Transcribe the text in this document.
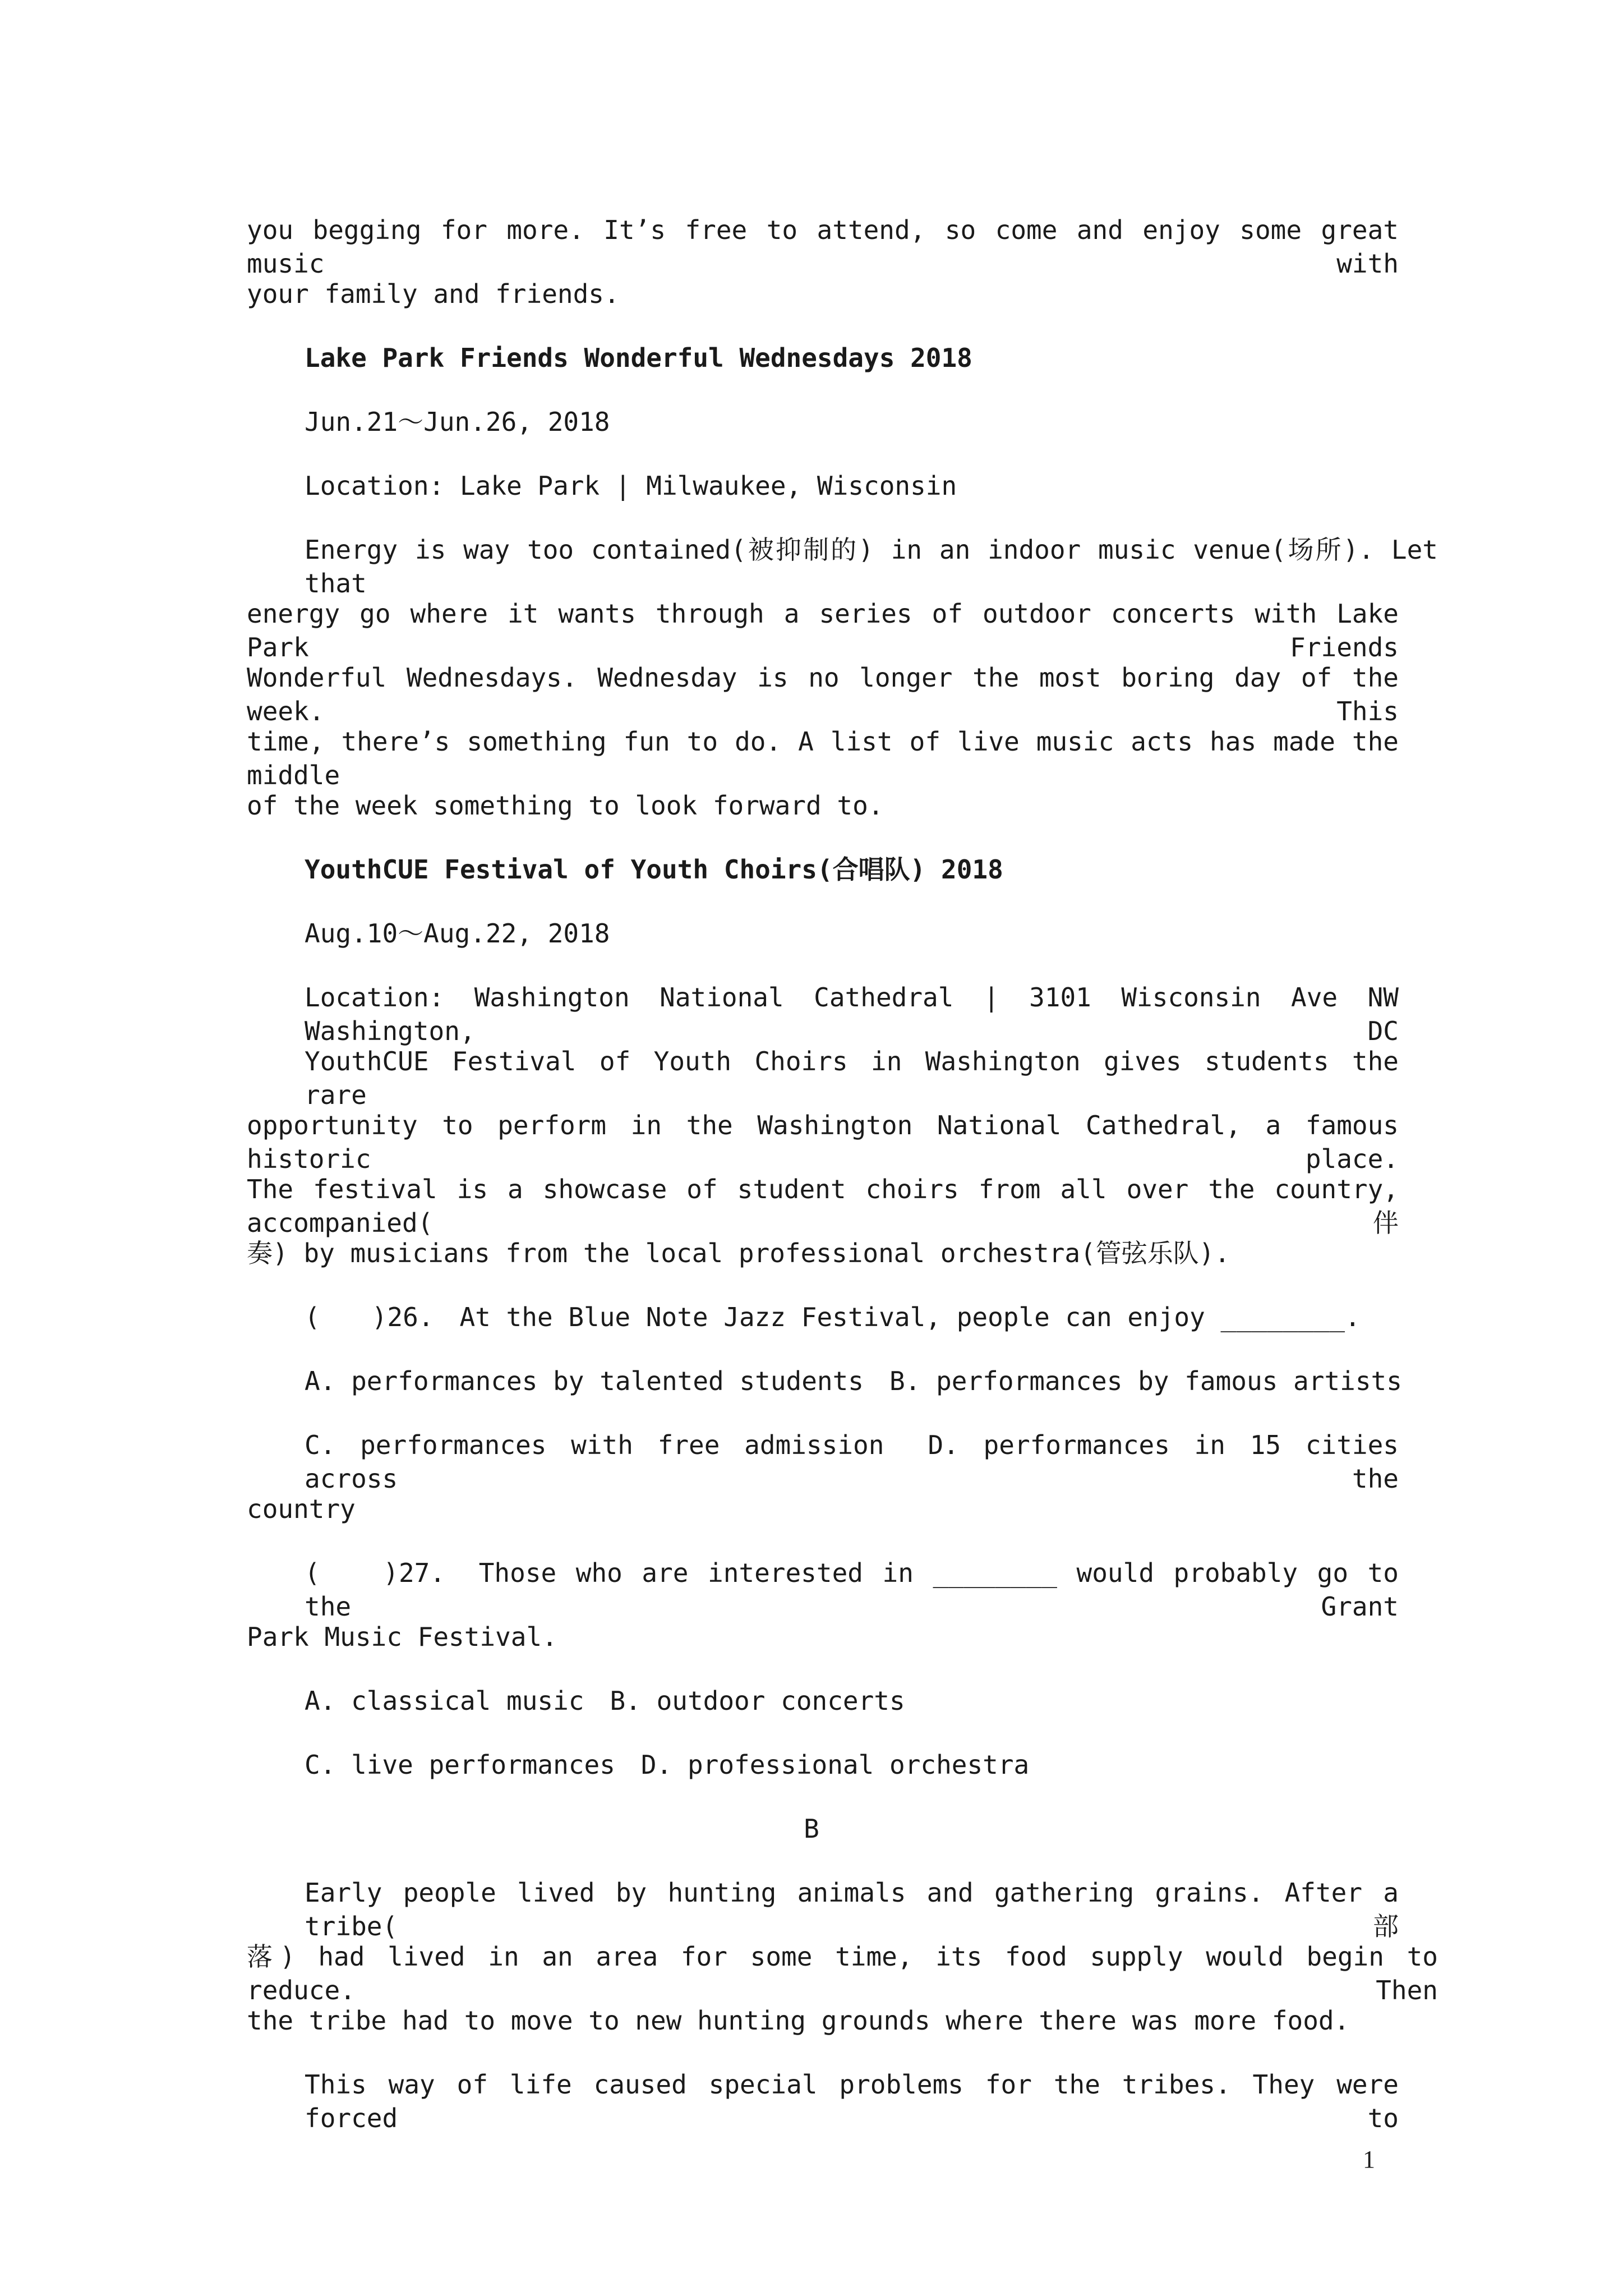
you begging for more. It’s free to attend, so come and enjoy some great music with
your family and friends.
Lake Park Friends Wonderful Wednesdays 2018
Jun.21～Jun.26, 2018
Location: Lake Park | Milwaukee, Wisconsin
Energy is way too contained(被抑制的) in an indoor music venue(场所). Let that
energy go where it wants through a series of outdoor concerts with Lake Park Friends
Wonderful Wednesdays. Wednesday is no longer the most boring day of the week. This
time, there’s something fun to do. A list of live music acts has made the middle
of the week something to look forward to.
YouthCUE Festival of Youth Choirs(合唱队) 2018
Aug.10～Aug.22, 2018
Location: Washington National Cathedral | 3101 Wisconsin Ave NW Washington, DC
YouthCUE Festival of Youth Choirs in Washington gives students the rare
opportunity to perform in the Washington National Cathedral, a famous historic place.
The festival is a showcase of student choirs from all over the country, accompanied(伴
奏) by musicians from the local professional orchestra(管弦乐队).
(　　)26.　At the Blue Note Jazz Festival, people can enjoy ________.
A. performances by talented students　B. performances by famous artists
C. performances with free admission　D. performances in 15 cities across the
country
(　　)27.　Those who are interested in ________ would probably go to the Grant
Park Music Festival.
A. classical music　B. outdoor concerts
C. live performances　D. professional orchestra
B
Early people lived by hunting animals and gathering grains. After a tribe(部
落) had lived in an area for some time, its food supply would begin to reduce. Then
the tribe had to move to new hunting grounds where there was more food.
This way of life caused special problems for the tribes. They were forced to
1
